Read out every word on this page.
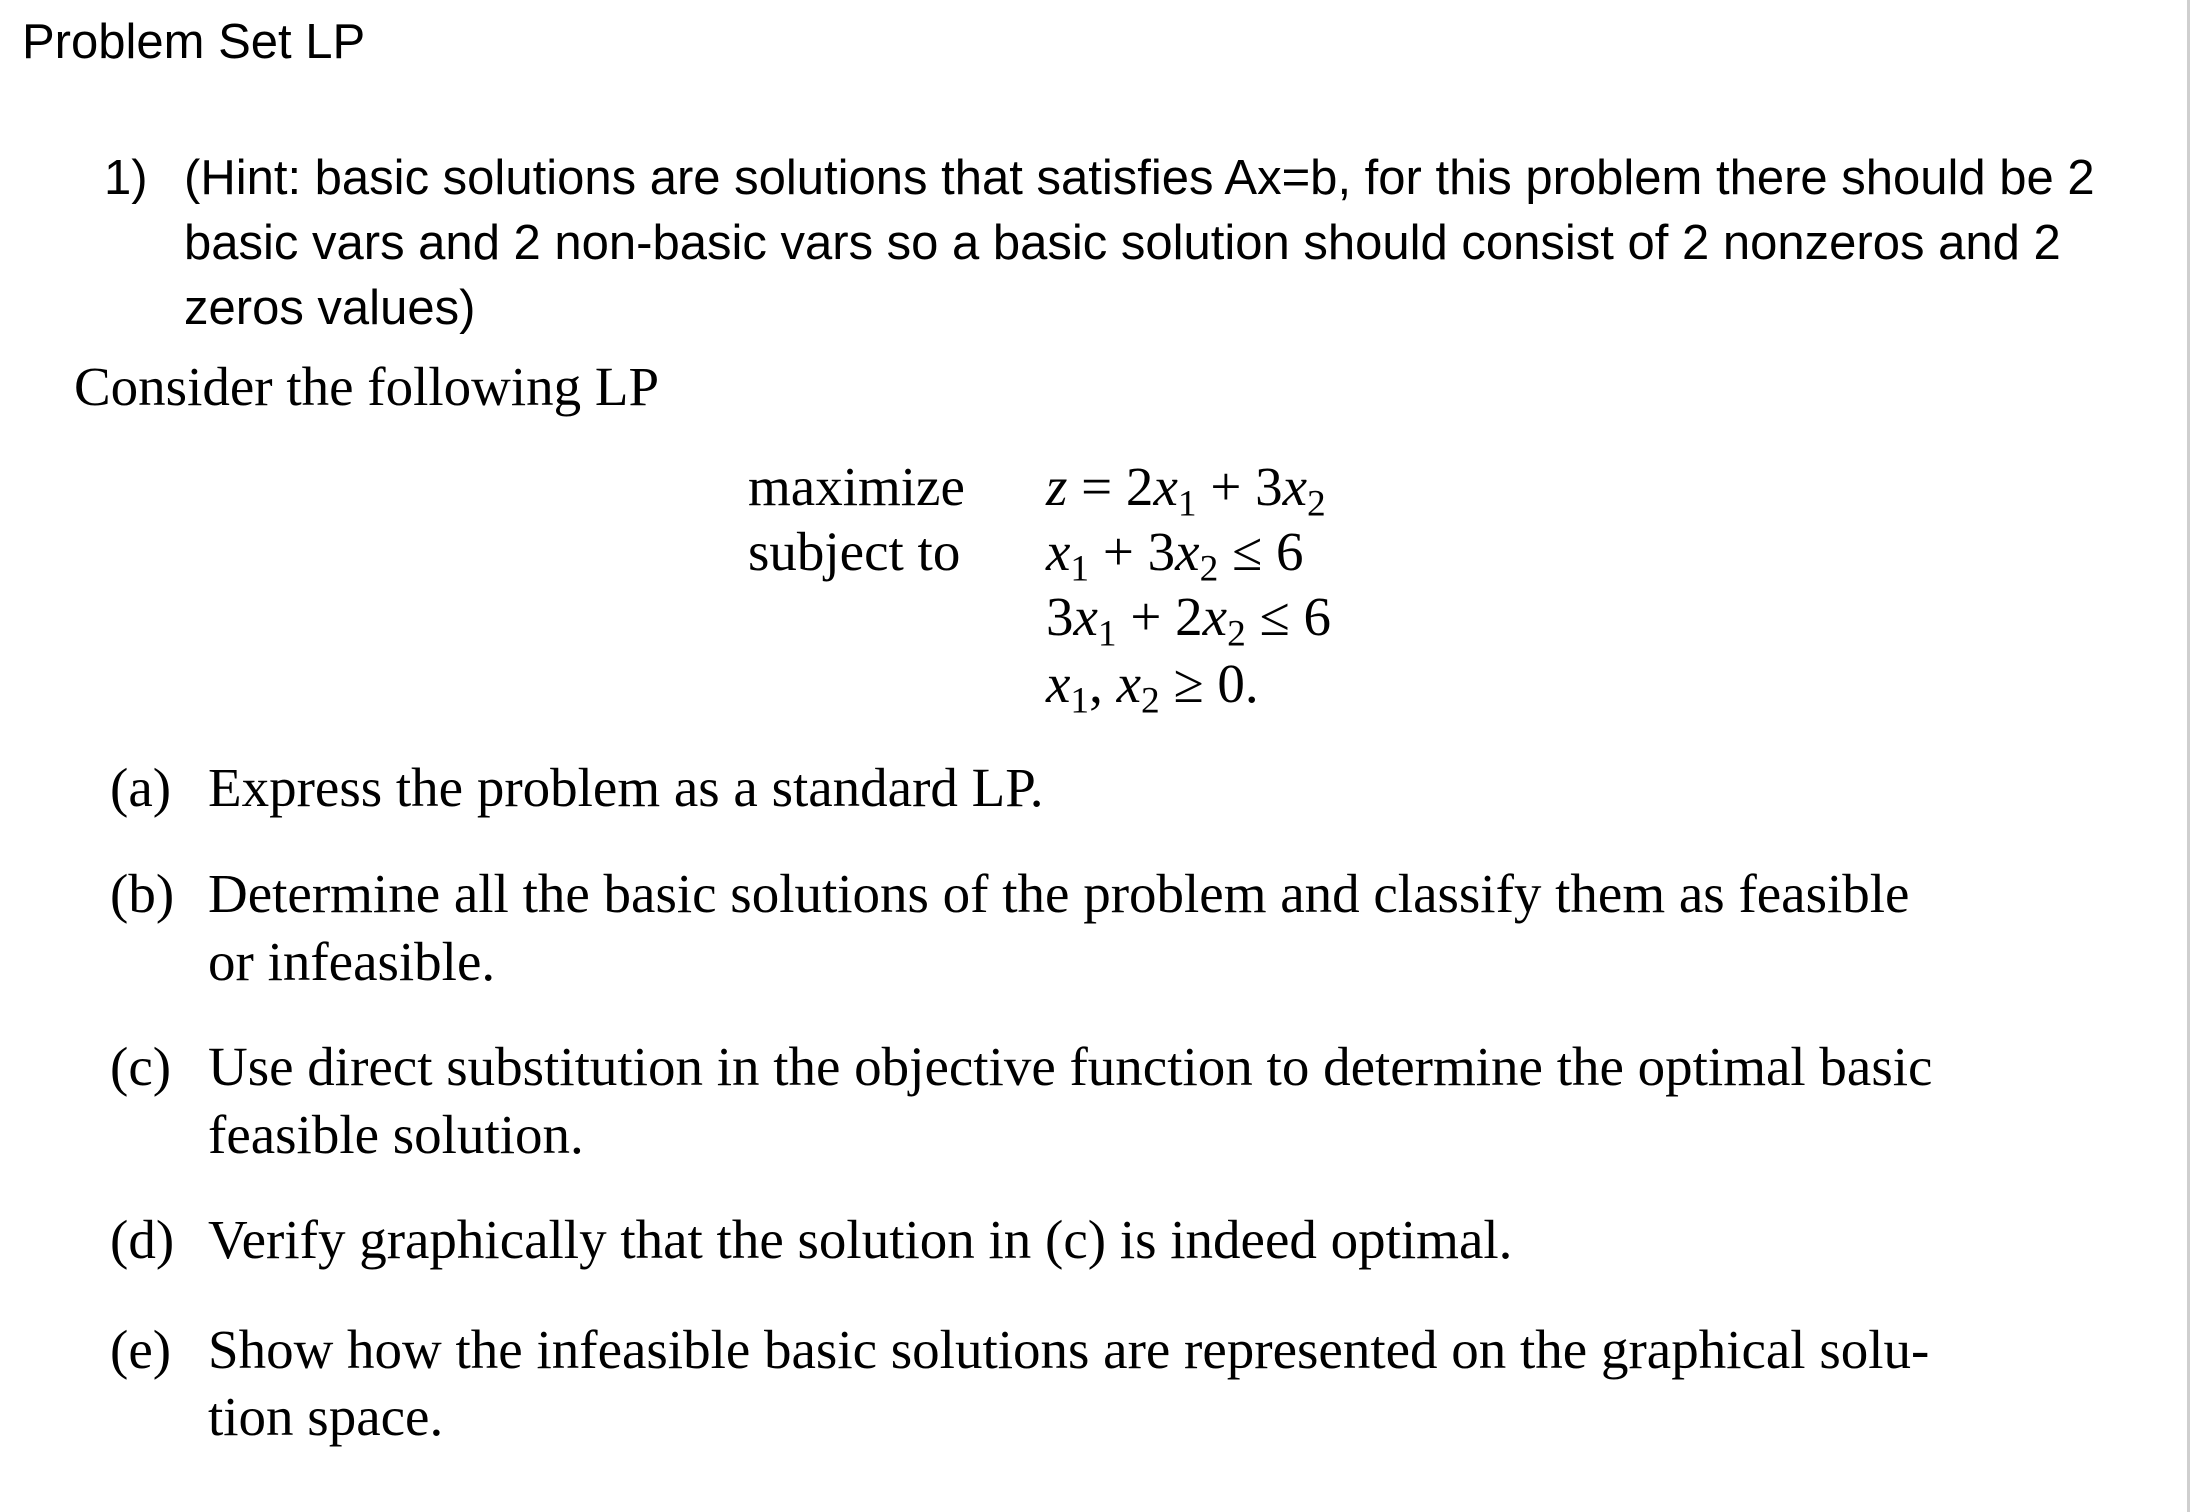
Problem Set LP
1) (Hint: basic solutions are solutions that satisfies Ax=b, for this problem there should be 2
basic vars and 2 non-basic vars so a basic solution should consist of 2 nonzeros and 2
zeros values)
Consider the following LP
maximize
subject to
$z = 2x_1 + 3x_2$
$x_1 + 3x_2 \le 6$
$3x_1 + 2x_2 \le 6$
$x_1$, $x_2 \ge 0$.
(a) Express the problem as a standard LP.
(b) Determine all the basic solutions of the problem and classify them as feasible
or infeasible.
(c) Use direct substitution in the objective function to determine the optimal basic
feasible solution.
(d) Verify graphically that the solution in (c) is indeed optimal.
(e) Show how the infeasible basic solutions are represented on the graphical solu-
tion space.
